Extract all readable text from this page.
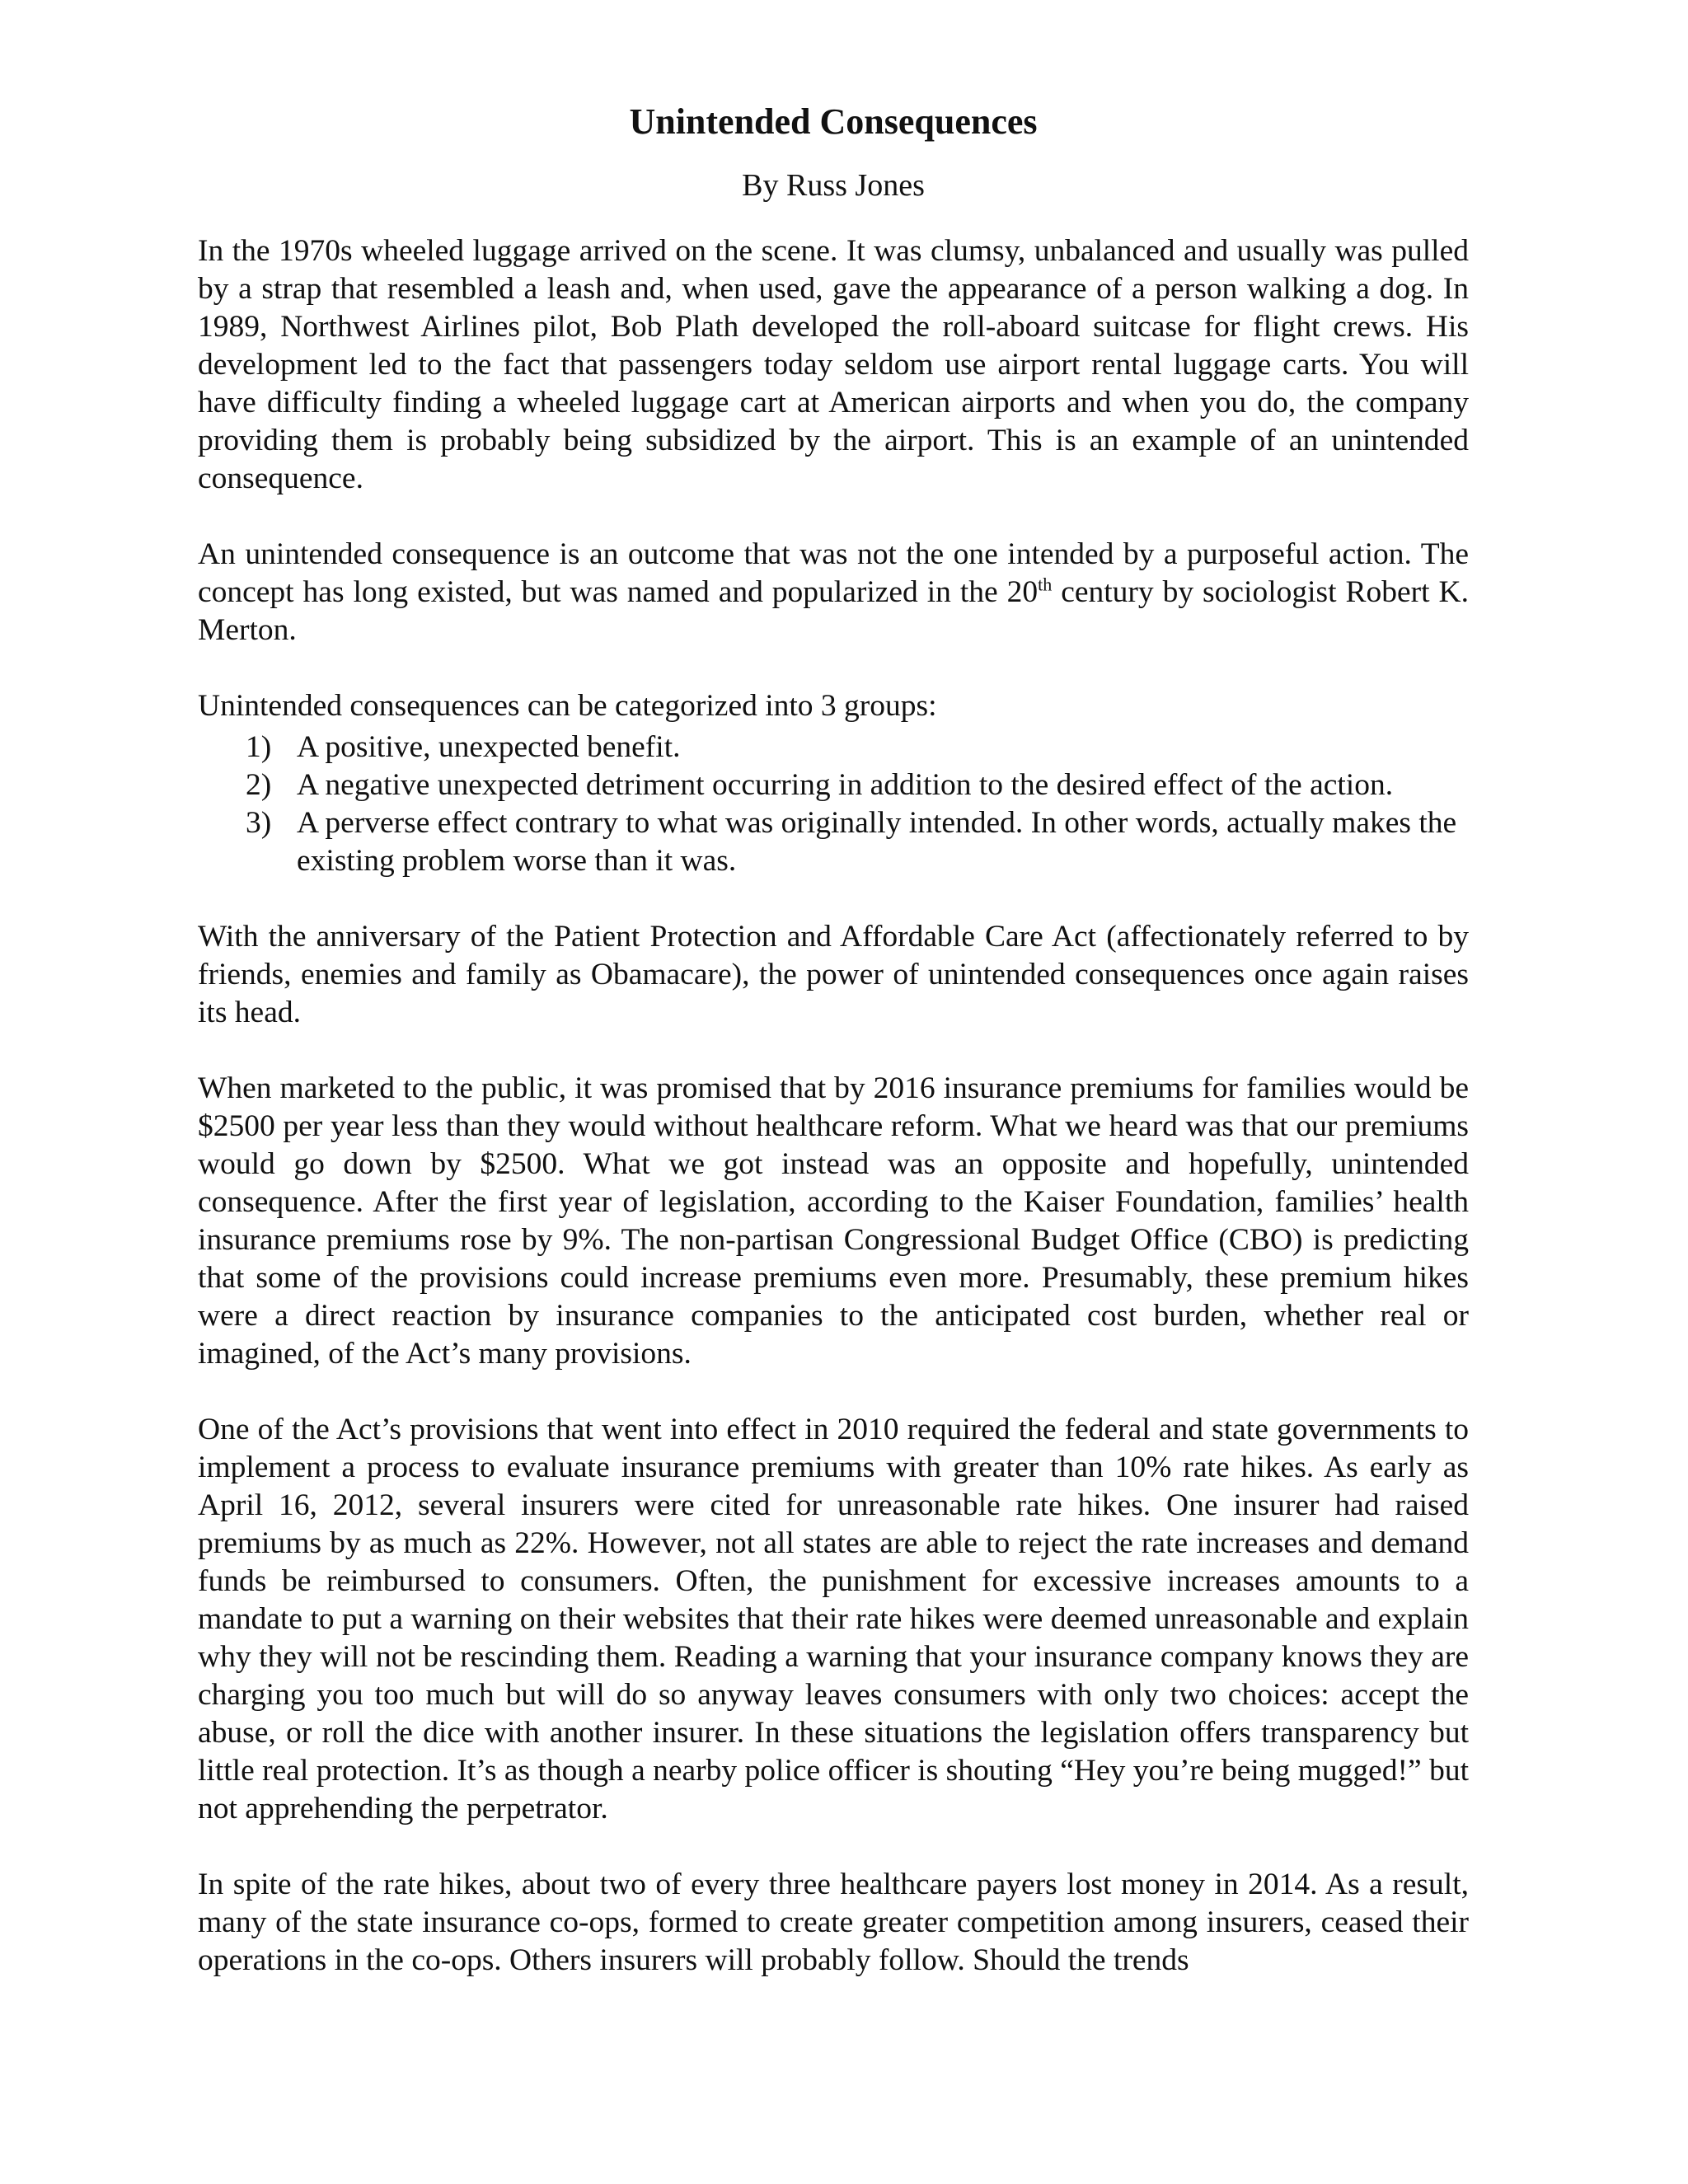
Unintended Consequences
By Russ Jones

In the 1970s wheeled luggage arrived on the scene. It was clumsy, unbalanced and usually was pulled by a strap that resembled a leash and, when used, gave the appearance of a person walking a dog. In 1989, Northwest Airlines pilot, Bob Plath developed the roll-aboard suitcase for flight crews. His development led to the fact that passengers today seldom use airport rental luggage carts. You will have difficulty finding a wheeled luggage cart at American airports and when you do, the company providing them is probably being subsidized by the airport. This is an example of an unintended consequence.

An unintended consequence is an outcome that was not the one intended by a purposeful action. The concept has long existed, but was named and popularized in the 20th century by sociologist Robert K. Merton.

Unintended consequences can be categorized into 3 groups:

1) A positive, unexpected benefit.
2) A negative unexpected detriment occurring in addition to the desired effect of the action.
3) A perverse effect contrary to what was originally intended. In other words, actually makes the existing problem worse than it was.

With the anniversary of the Patient Protection and Affordable Care Act (affectionately referred to by friends, enemies and family as Obamacare), the power of unintended consequences once again raises its head.

When marketed to the public, it was promised that by 2016 insurance premiums for families would be $2500 per year less than they would without healthcare reform. What we heard was that our premiums would go down by $2500. What we got instead was an opposite and hopefully, unintended consequence. After the first year of legislation, according to the Kaiser Foundation, families’ health insurance premiums rose by 9%. The non-partisan Congressional Budget Office (CBO) is predicting that some of the provisions could increase premiums even more. Presumably, these premium hikes were a direct reaction by insurance companies to the anticipated cost burden, whether real or imagined, of the Act’s many provisions.

One of the Act’s provisions that went into effect in 2010 required the federal and state governments to implement a process to evaluate insurance premiums with greater than 10% rate hikes. As early as April 16, 2012, several insurers were cited for unreasonable rate hikes. One insurer had raised premiums by as much as 22%. However, not all states are able to reject the rate increases and demand funds be reimbursed to consumers. Often, the punishment for excessive increases amounts to a mandate to put a warning on their websites that their rate hikes were deemed unreasonable and explain why they will not be rescinding them. Reading a warning that your insurance company knows they are charging you too much but will do so anyway leaves consumers with only two choices: accept the abuse, or roll the dice with another insurer. In these situations the legislation offers transparency but little real protection. It’s as though a nearby police officer is shouting “Hey you’re being mugged!” but not apprehending the perpetrator.

In spite of the rate hikes, about two of every three healthcare payers lost money in 2014. As a result, many of the state insurance co-ops, formed to create greater competition among insurers, ceased their operations in the co-ops. Others insurers will probably follow. Should the trends
